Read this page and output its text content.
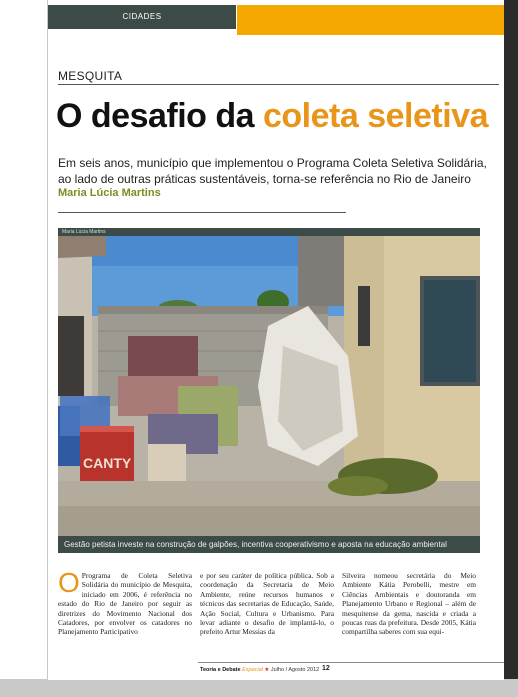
CIDADES
MESQUITA
O desafio da coleta seletiva

Em seis anos, município que implementou o Programa Coleta Seletiva Solidária, ao lado de outras práticas sustentáveis, torna-se referência no Rio de Janeiro

Maria Lúcia Martins
Maria Lúcia Martins
CANTY
Gestão petista investe na construção de galpões, incentiva cooperativismo e aposta na educação ambiental
O Programa de Coleta Seletiva Solidária do município de Mesquita, iniciado em 2006, é referência no estado do Rio de Janeiro por seguir as diretrizes do Movimento Nacional dos Catadores, por envolver os catadores no Planejamento Participativo
e por seu caráter de política pública. Sob a coordenação da Secretaria de Meio Ambiente, reúne recursos humanos e técnicos das secretarias de Educação, Saúde, Ação Social, Cultura e Urbanismo. Para levar adiante o desafio de implantá-lo, o prefeito Artur Messias da
Silveira nomeou secretária do Meio Ambiente Kátia Perobelli, mestre em Ciências Ambientais e doutoranda em Planejamento Urbano e Regional – além de mesquitense da gema, nascida e criada a poucas ruas da prefeitura. Desde 2005, Kátia compartilha saberes com sua equi-
Teoria e Debate Especial ★ Julho / Agosto 2012 12
